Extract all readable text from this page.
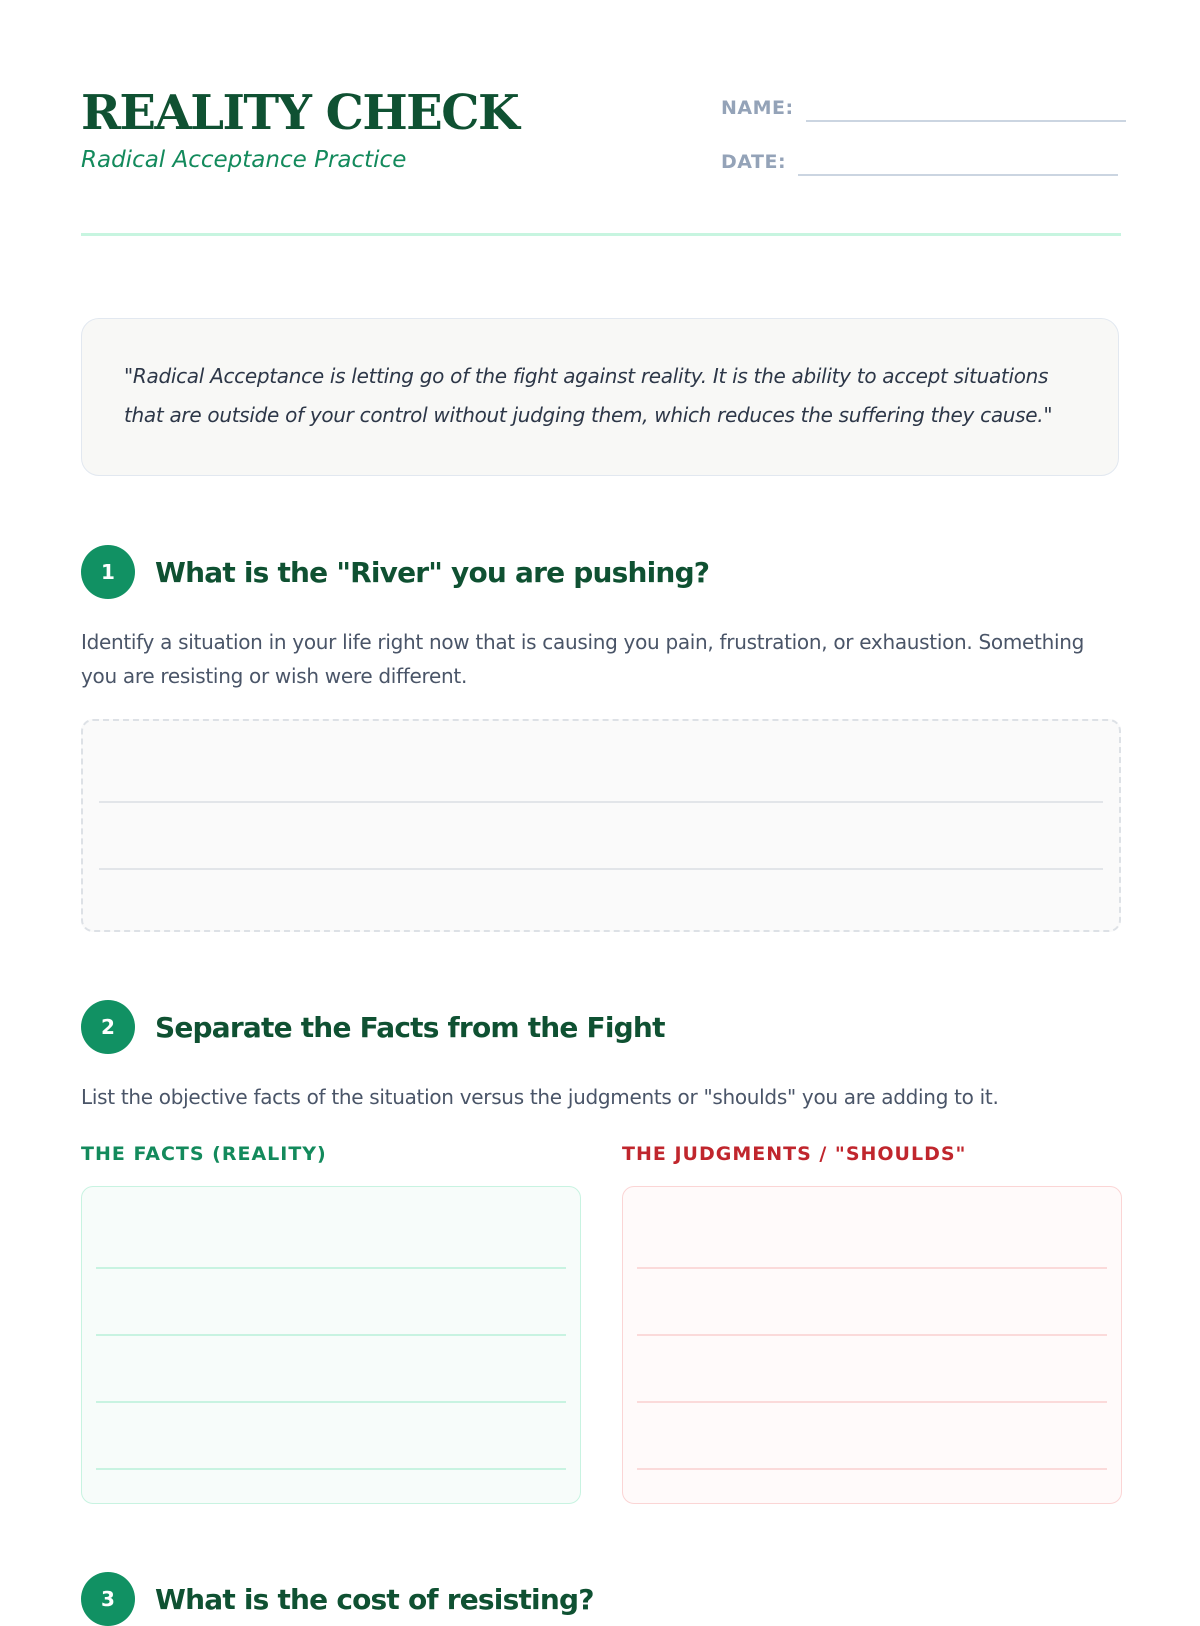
REALITY CHECK
Radical Acceptance Practice
NAME:
DATE:
"Radical Acceptance is letting go of the fight against reality. It is the ability to accept situations that are outside of your control without judging them, which reduces the suffering they cause."
1	What is the "River" you are pushing?
Identify a situation in your life right now that is causing you pain, frustration, or exhaustion. Something you are resisting or wish were different.
2	Separate the Facts from the Fight
List the objective facts of the situation versus the judgments or "shoulds" you are adding to it.
THE FACTS (REALITY)	THE JUDGMENTS / "SHOULDS"
3	What is the cost of resisting?
